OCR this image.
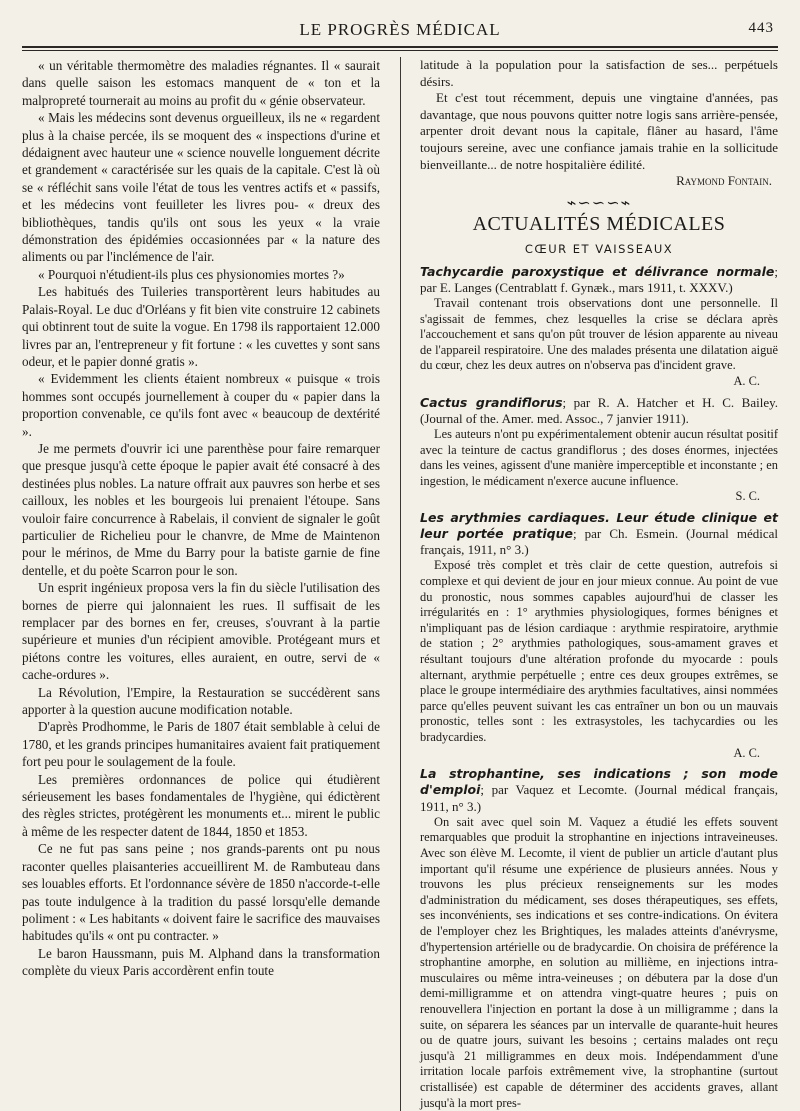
LE PROGRÈS MÉDICAL	443

« un véritable thermomètre des maladies régnantes. Il « saurait dans quelle saison les estomacs manquent de « ton et la malpropreté tournerait au moins au profit du « génie observateur.

« Mais les médecins sont devenus orgueilleux, ils ne « regardent plus à la chaise percée, ils se moquent des « inspections d'urine et dédaignent avec hauteur une « science nouvelle longuement décrite et grandement « caractérisée sur les quais de la capitale. C'est là où se « réfléchit sans voile l'état de tous les ventres actifs et « passifs, et les médecins vont feuilleter les livres pou- « dreux des bibliothèques, tandis qu'ils ont sous les yeux « la vraie démonstration des épidémies occasionnées par « la nature des aliments ou par l'inclémence de l'air.

« Pourquoi n'étudient-ils plus ces physionomies mortes ?»

Les habitués des Tuileries transportèrent leurs habitudes au Palais-Royal. Le duc d'Orléans y fit bien vite construire 12 cabinets qui obtinrent tout de suite la vogue. En 1798 ils rapportaient 12.000 livres par an, l'entrepreneur y fit fortune : « les cuvettes y sont sans odeur, et le papier donné gratis ».

« Evidemment les clients étaient nombreux « puisque « trois hommes sont occupés journellement à couper du « papier dans la proportion convenable, ce qu'ils font avec « beaucoup de dextérité ».

Je me permets d'ouvrir ici une parenthèse pour faire remarquer que presque jusqu'à cette époque le papier avait été consacré à des destinées plus nobles. La nature offrait aux pauvres son herbe et ses cailloux, les nobles et les bourgeois lui prenaient l'étoupe. Sans vouloir faire concurrence à Rabelais, il convient de signaler le goût particulier de Richelieu pour le chanvre, de Mme de Maintenon pour le mérinos, de Mme du Barry pour la batiste garnie de fine dentelle, et du poète Scarron pour le son.

Un esprit ingénieux proposa vers la fin du siècle l'utilisation des bornes de pierre qui jalonnaient les rues. Il suffisait de les remplacer par des bornes en fer, creuses, s'ouvrant à la partie supérieure et munies d'un récipient amovible. Protégeant murs et piétons contre les voitures, elles auraient, en outre, servi de « cache-ordures ».

La Révolution, l'Empire, la Restauration se succédèrent sans apporter à la question aucune modification notable.

D'après Prodhomme, le Paris de 1807 était semblable à celui de 1780, et les grands principes humanitaires avaient fait pratiquement fort peu pour le soulagement de la foule.

Les premières ordonnances de police qui étudièrent sérieusement les bases fondamentales de l'hygiène, qui édictèrent des règles strictes, protégèrent les monuments et... mirent le public à même de les respecter datent de 1844, 1850 et 1853.

Ce ne fut pas sans peine ; nos grands-parents ont pu nous raconter quelles plaisanteries accueillirent M. de Rambuteau dans ses louables efforts. Et l'ordonnance sévère de 1850 n'accorde-t-elle pas toute indulgence à la tradition du passé lorsqu'elle demande poliment : « Les habitants « doivent faire le sacrifice des mauvaises habitudes qu'ils « ont pu contracter. »

Le baron Haussmann, puis M. Alphand dans la transformation complète du vieux Paris accordèrent enfin toute

latitude à la population pour la satisfaction de ses... perpétuels désirs.

Et c'est tout récemment, depuis une vingtaine d'années, pas davantage, que nous pouvons quitter notre logis sans arrière-pensée, arpenter droit devant nous la capitale, flâner au hasard, l'âme toujours sereine, avec une confiance jamais trahie en la sollicitude bienveillante... de notre hospitalière édilité.

Raymond Fontain.
⌁∽∽∽⌁
ACTUALITÉS MÉDICALES
CŒUR ET VAISSEAUX

Tachycardie paroxystique et délivrance normale; par E. Langes (Centrablatt f. Gynæk., mars 1911, t. XXXV.)

Travail contenant trois observations dont une personnelle. Il s'agissait de femmes, chez lesquelles la crise se déclara après l'accouchement et sans qu'on pût trouver de lésion apparente au niveau de l'appareil respiratoire. Une des malades présenta une dilatation aiguë du cœur, chez les deux autres on n'observa pas d'incident grave.

A. C.

Cactus grandiflorus; par R. A. Hatcher et H. C. Bailey. (Journal of the. Amer. med. Assoc., 7 janvier 1911).

Les auteurs n'ont pu expérimentalement obtenir aucun résultat positif avec la teinture de cactus grandiflorus ; des doses énormes, injectées dans les veines, agissent d'une manière imperceptible et inconstante ; en ingestion, le médicament n'exerce aucune influence.

S. C.

Les arythmies cardiaques. Leur étude clinique et leur portée pratique; par Ch. Esmein. (Journal médical français, 1911, n° 3.)

Exposé très complet et très clair de cette question, autrefois si complexe et qui devient de jour en jour mieux connue. Au point de vue du pronostic, nous sommes capables aujourd'hui de classer les irrégularités en : 1° arythmies physiologiques, formes bénignes et n'impliquant pas de lésion cardiaque : arythmie respiratoire, arythmie de station ; 2° arythmies pathologiques, sous-amament graves et résultant toujours d'une altération profonde du myocarde : pouls alternant, arythmie perpétuelle ; entre ces deux groupes extrêmes, se place le groupe intermédiaire des arythmies facultatives, ainsi nommées parce qu'elles peuvent suivant les cas entraîner un bon ou un mauvais pronostic, telles sont : les extrasystoles, les tachycardies ou les bradycardies.

A. C.

La strophantine, ses indications ; son mode d'emploi; par Vaquez et Lecomte. (Journal médical français, 1911, n° 3.)

On sait avec quel soin M. Vaquez a étudié les effets souvent remarquables que produit la strophantine en injections intraveineuses. Avec son élève M. Lecomte, il vient de publier un article d'autant plus important qu'il résume une expérience de plusieurs années. Nous y trouvons les plus précieux renseignements sur les modes d'administration du médicament, ses doses thérapeutiques, ses effets, ses inconvénients, ses indications et ses contre-indications. On évitera de l'employer chez les Brightiques, les malades atteints d'anévrysme, d'hypertension artérielle ou de bradycardie. On choisira de préférence la strophantine amorphe, en solution au millième, en injections intra-musculaires ou même intra-veineuses ; on débutera par la dose d'un demi-milligramme et on attendra vingt-quatre heures ; puis on renouvellera l'injection en portant la dose à un milligramme ; dans la suite, on séparera les séances par un intervalle de quarante-huit heures ou de quatre jours, suivant les besoins ; certains malades ont reçu jusqu'à 21 milligrammes en deux mois. Indépendamment d'une irritation locale parfois extrêmement vive, la strophantine (surtout cristallisée) est capable de déterminer des accidents graves, allant jusqu'à la mort pres-
